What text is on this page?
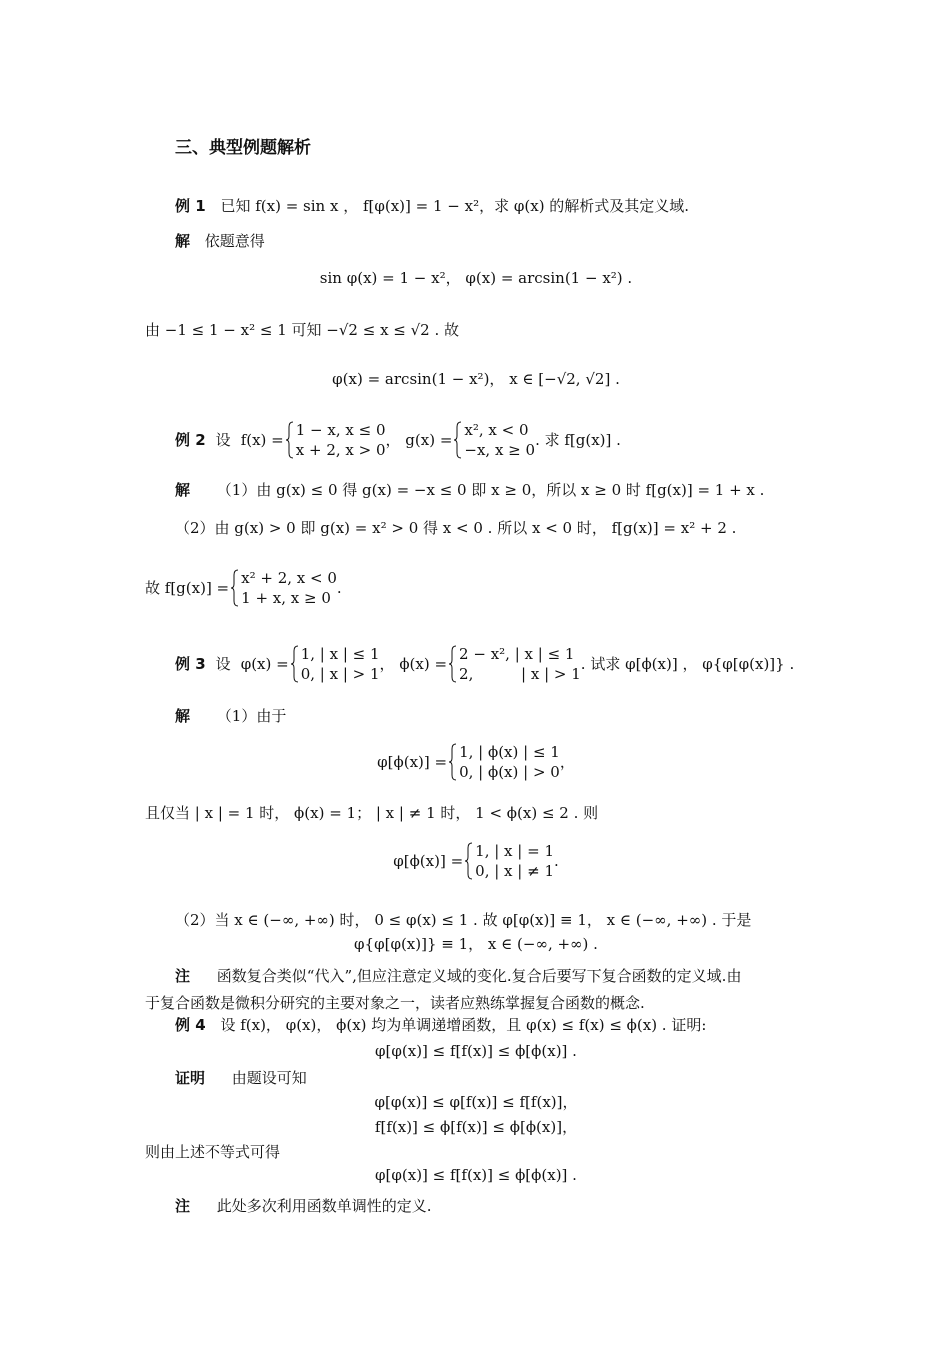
三、典型例题解析
例 1 已知 f(x) = sin x ， f[φ(x)] = 1 − x²，求 φ(x) 的解析式及其定义域.
解 依题意得
sin φ(x) = 1 − x²， φ(x) = arcsin(1 − x²) .
由 −1 ≤ 1 − x² ≤ 1 可知 −√2 ≤ x ≤ √2 . 故
φ(x) = arcsin(1 − x²)， x ∈ [−√2, √2] .
例 2 设 f(x) =
1 − x, x ≤ 0
x + 2, x > 0
， g(x) =
x², x < 0
−x, x ≥ 0
. 求 f[g(x)] .
解 （1）由 g(x) ≤ 0 得 g(x) = −x ≤ 0 即 x ≥ 0，所以 x ≥ 0 时 f[g(x)] = 1 + x .
（2）由 g(x) > 0 即 g(x) = x² > 0 得 x < 0 . 所以 x < 0 时， f[g(x)] = x² + 2 .
故 f[g(x)] =
x² + 2, x < 0
1 + x, x ≥ 0
.
例 3 设 φ(x) =
1, | x | ≤ 1
0, | x | > 1
， ϕ(x) =
2 − x², | x | ≤ 1
2,          | x | > 1
. 试求 φ[ϕ(x)] ， φ{φ[φ(x)]} .
解 （1）由于
φ[ϕ(x)] =
1, | ϕ(x) | ≤ 1
0, | ϕ(x) | > 0
，
且仅当 | x | = 1 时， ϕ(x) = 1； | x | ≠ 1 时， 1 < ϕ(x) ≤ 2 . 则
φ[ϕ(x)] =
1, | x | = 1
0, | x | ≠ 1
.
（2）当 x ∈ (−∞, +∞) 时， 0 ≤ φ(x) ≤ 1 . 故 φ[φ(x)] ≡ 1， x ∈ (−∞, +∞) . 于是
φ{φ[φ(x)]} ≡ 1， x ∈ (−∞, +∞) .
注 函数复合类似“代入”,但应注意定义域的变化.复合后要写下复合函数的定义域.由
于复合函数是微积分研究的主要对象之一，读者应熟练掌握复合函数的概念.
例 4 设 f(x)， φ(x)， ϕ(x) 均为单调递增函数，且 φ(x) ≤ f(x) ≤ ϕ(x) . 证明:
φ[φ(x)] ≤ f[f(x)] ≤ ϕ[ϕ(x)] .
证明 由题设可知
φ[φ(x)] ≤ φ[f(x)] ≤ f[f(x)]，
f[f(x)] ≤ ϕ[f(x)] ≤ ϕ[ϕ(x)]，
则由上述不等式可得
φ[φ(x)] ≤ f[f(x)] ≤ ϕ[ϕ(x)] .
注 此处多次利用函数单调性的定义.
